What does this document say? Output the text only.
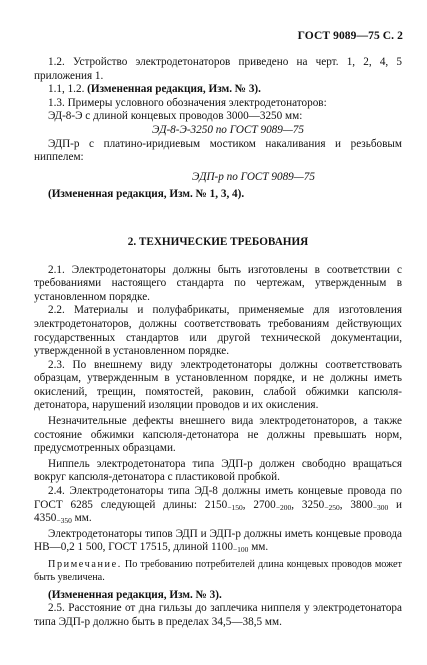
ГОСТ 9089—75 С. 2

1.2. Устройство электродетонаторов приведено на черт. 1, 2, 4, 5 приложения 1.

1.1, 1.2. (Измененная редакция, Изм. № 3).

1.3. Примеры условного обозначения электродетонаторов:

ЭД-8-Э с длиной концевых проводов 3000—3250 мм:

ЭД-8-Э-3250 по ГОСТ 9089—75

ЭДП-р с платино-иридиевым мостиком накаливания и резьбовым ниппелем:

ЭДП-р по ГОСТ 9089—75

(Измененная редакция, Изм. № 1, 3, 4).

2. ТЕХНИЧЕСКИЕ ТРЕБОВАНИЯ

2.1. Электродетонаторы должны быть изготовлены в соответствии с требованиями настоящего стандарта по чертежам, утвержденным в установленном порядке.

2.2. Материалы и полуфабрикаты, применяемые для изготовления электродетонаторов, должны соответствовать требованиям действующих государственных стандартов или другой технической документации, утвержденной в установленном порядке.

2.3. По внешнему виду электродетонаторы должны соответствовать образцам, утвержденным в установленном порядке, и не должны иметь окислений, трещин, помятостей, раковин, слабой обжимки капсюля-детонатора, нарушений изоляции проводов и их окисления.

Незначительные дефекты внешнего вида электродетонаторов, а также состояние обжимки капсюля-детонатора не должны превышать норм, предусмотренных образцами.

Ниппель электродетонатора типа ЭДП-р должен свободно вращаться вокруг капсюля-детонатора с пластиковой пробкой.

2.4. Электродетонаторы типа ЭД-8 должны иметь концевые провода по ГОСТ 6285 следующей длины: $2150_{-150}$, $2700_{-200}$, $3250_{-250}$, $3800_{-300}$ и $4350_{-350}$ мм.

Электродетонаторы типов ЭДП и ЭДП-р должны иметь концевые провода НВ—0,2 1 500, ГОСТ 17515, длиной $1100_{-100}$ мм.

Примечание. По требованию потребителей длина концевых проводов может быть увеличена.

(Измененная редакция, Изм. № 3).

2.5. Расстояние от дна гильзы до заплечика ниппеля у электродетонатора типа ЭДП-р должно быть в пределах 34,5—38,5 мм.
